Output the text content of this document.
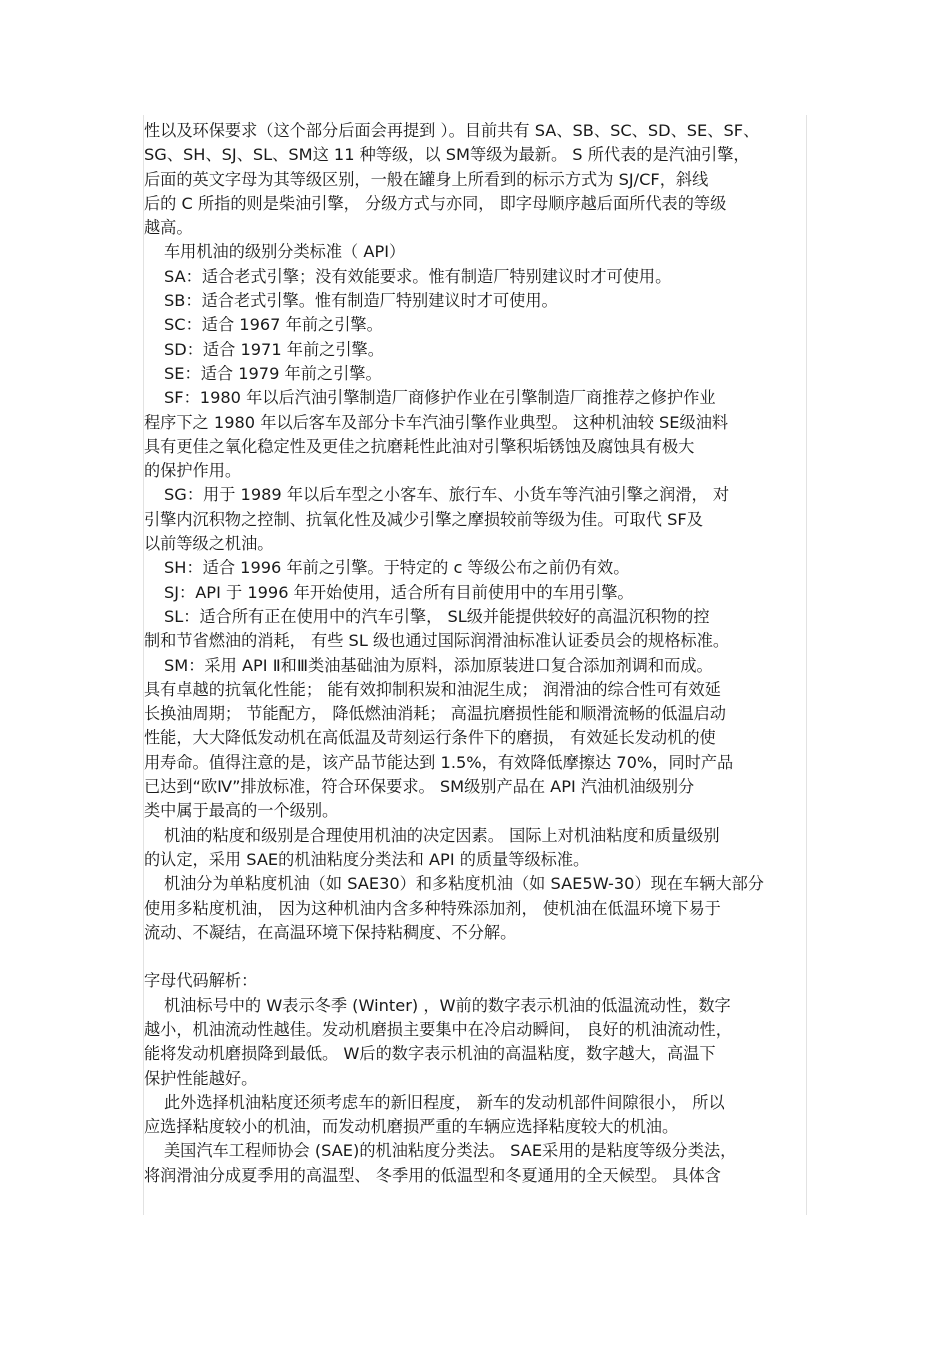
性以及环保要求（这个部分后面会再提到 ）。目前共有 SA、SB、SC、SD、SE、SF、
SG、SH、SJ、SL、SM这 11 种等级，以 SM等级为最新。 S 所代表的是汽油引擎，
后面的英文字母为其等级区别，一般在罐身上所看到的标示方式为 SJ/CF，斜线
后的 C 所指的则是柴油引擎， 分级方式与亦同， 即字母顺序越后面所代表的等级
越高。
车用机油的级别分类标准（ API）
SA：适合老式引擎；没有效能要求。惟有制造厂特别建议时才可使用。
SB：适合老式引擎。惟有制造厂特别建议时才可使用。
SC：适合 1967 年前之引擎。
SD：适合 1971 年前之引擎。
SE：适合 1979 年前之引擎。
SF：1980 年以后汽油引擎制造厂商修护作业在引擎制造厂商推荐之修护作业
程序下之 1980 年以后客车及部分卡车汽油引擎作业典型。 这种机油较 SE级油料
具有更佳之氧化稳定性及更佳之抗磨耗性此油对引擎积垢锈蚀及腐蚀具有极大
的保护作用。
SG：用于 1989 年以后车型之小客车、旅行车、小货车等汽油引擎之润滑， 对
引擎内沉积物之控制、抗氧化性及减少引擎之摩损较前等级为佳。可取代 SF及
以前等级之机油。
SH：适合 1996 年前之引擎。于特定的 c 等级公布之前仍有效。
SJ：API 于 1996 年开始使用，适合所有目前使用中的车用引擎。
SL：适合所有正在使用中的汽车引擎， SL级并能提供较好的高温沉积物的控
制和节省燃油的消耗， 有些 SL 级也通过国际润滑油标准认证委员会的规格标准。
SM：采用 API Ⅱ和Ⅲ类油基础油为原料，添加原装进口复合添加剂调和而成。
具有卓越的抗氧化性能； 能有效抑制积炭和油泥生成； 润滑油的综合性可有效延
长换油周期； 节能配方， 降低燃油消耗； 高温抗磨损性能和顺滑流畅的低温启动
性能，大大降低发动机在高低温及苛刻运行条件下的磨损， 有效延长发动机的使
用寿命。值得注意的是，该产品节能达到 1.5%，有效降低摩擦达 70%，同时产品
已达到“欧Ⅳ”排放标准，符合环保要求。 SM级别产品在 API 汽油机油级别分
类中属于最高的一个级别。
机油的粘度和级别是合理使用机油的决定因素。 国际上对机油粘度和质量级别
的认定，采用 SAE的机油粘度分类法和 API 的质量等级标准。
机油分为单粘度机油（如 SAE30）和多粘度机油（如 SAE5W-30）现在车辆大部分
使用多粘度机油， 因为这种机油内含多种特殊添加剂， 使机油在低温环境下易于
流动、不凝结，在高温环境下保持粘稠度、不分解。
字母代码解析：
机油标号中的 W表示冬季 (Winter) ，W前的数字表示机油的低温流动性，数字
越小，机油流动性越佳。发动机磨损主要集中在冷启动瞬间， 良好的机油流动性，
能将发动机磨损降到最低。 W后的数字表示机油的高温粘度，数字越大，高温下
保护性能越好。
此外选择机油粘度还须考虑车的新旧程度， 新车的发动机部件间隙很小， 所以
应选择粘度较小的机油，而发动机磨损严重的车辆应选择粘度较大的机油。
美国汽车工程师协会 (SAE)的机油粘度分类法。 SAE采用的是粘度等级分类法，
将润滑油分成夏季用的高温型、 冬季用的低温型和冬夏通用的全天候型。 具体含
